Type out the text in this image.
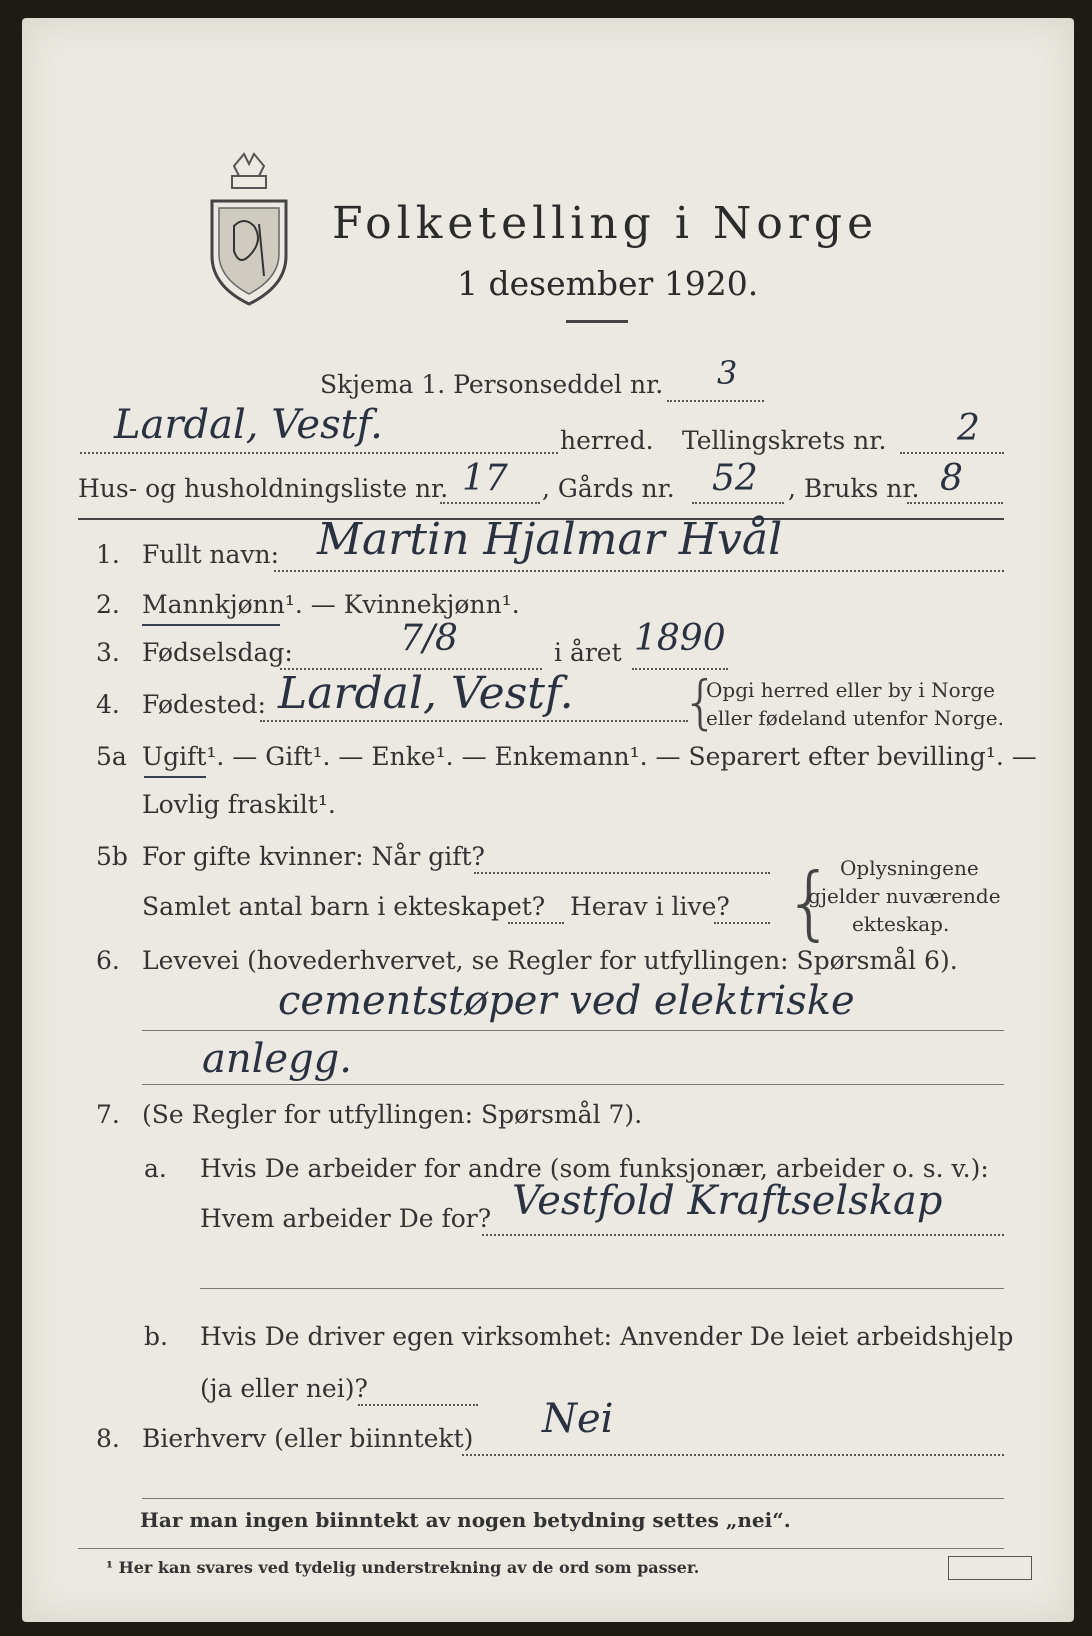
Folketelling i Norge
1 desember 1920.
Skjema 1. Personseddel nr. 3
Lardal, Vestf.	herred. Tellingskrets nr. 2
Hus- og husholdningsliste nr. 17 , Gårds nr. 52 , Bruks nr. 8
1. Fullt navn: Martin Hjalmar Hvål
2. Mannkjønn¹. — Kvinnekjønn¹.
3. Fødselsdag:	7/8	i året 1890
4. Fødested: Lardal, Vestf. {
Opgi herred eller by i Norge
eller fødeland utenfor Norge.
5a Ugift¹. — Gift¹. — Enke¹. — Enkemann¹. — Separert efter bevilling¹. —
Lovlig fraskilt¹.
5b For gifte kvinner: Når gift?
Samlet antal barn i ekteskapet? Herav i live? { Oplysningene
gjelder nuværende
ekteskap.
6. Levevei (hovederhvervet, se Regler for utfyllingen: Spørsmål 6).
cementstøper ved elektriske
anlegg.
7. (Se Regler for utfyllingen: Spørsmål 7).
a. Hvis De arbeider for andre (som funksjonær, arbeider o. s. v.):
Hvem arbeider De for? Vestfold Kraftselskap
b. Hvis De driver egen virksomhet: Anvender De leiet arbeidshjelp
(ja eller nei)?
8. Bierhverv (eller biinntekt) Nei
Har man ingen biinntekt av nogen betydning settes „nei“.
¹ Her kan svares ved tydelig understrekning av de ord som passer.
